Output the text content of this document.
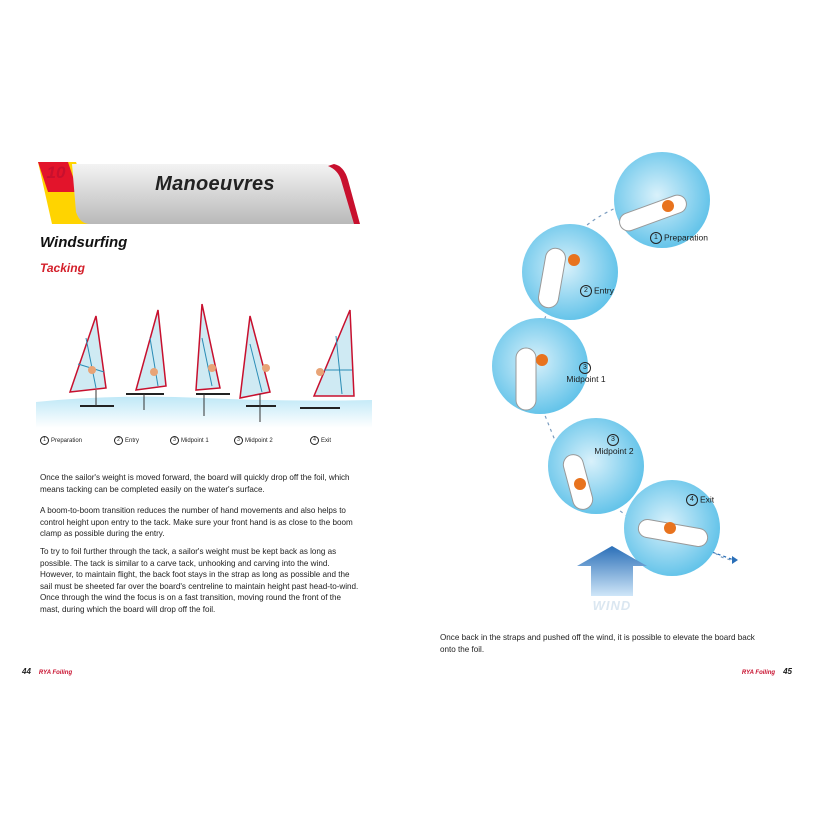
10
Manoeuvres
Windsurfing
Tacking
1 Preparation	2 Entry	3 Midpoint 1	3 Midpoint 2	4 Exit

Once the sailor's weight is moved forward, the board will quickly drop off the foil, which means tacking can be completed easily on the water's surface.

A boom-to-boom transition reduces the number of hand movements and also helps to control height upon entry to the tack. Make sure your front hand is as close to the boom clamp as possible during the entry.

To try to foil further through the tack, a sailor's weight must be kept back as long as possible. The tack is similar to a carve tack, unhooking and carving into the wind. However, to maintain flight, the back foot stays in the strap as long as possible and the sail must be sheeted far over the board's centreline to maintain height past head-to-wind. Once through the wind the focus is on a fast transition, moving round the front of the mast, during which the board will drop off the foil.

1 Preparation
2 Entry
3
Midpoint 1
3
Midpoint 2
4 Exit
WIND

Once back in the straps and pushed off the wind, it is possible to elevate the board back onto the foil.

44 RYA Foiling	RYA Foiling 45
